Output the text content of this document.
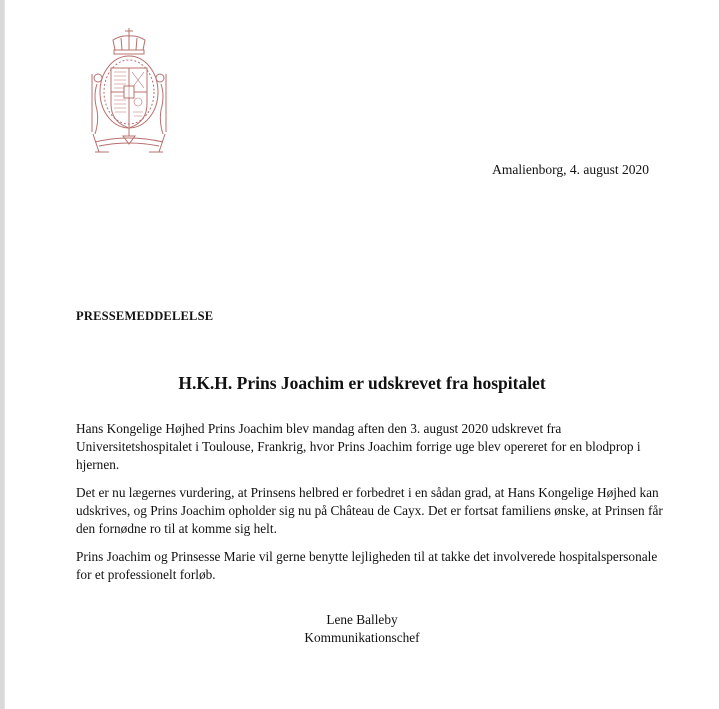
Amalienborg, 4. august 2020
PRESSEMEDDELELSE
H.K.H. Prins Joachim er udskrevet fra hospitalet
Hans Kongelige Højhed Prins Joachim blev mandag aften den 3. august 2020 udskrevet fra Universitetshospitalet i Toulouse, Frankrig, hvor Prins Joachim forrige uge blev opereret for en blodprop i hjernen.
Det er nu lægernes vurdering, at Prinsens helbred er forbedret i en sådan grad, at Hans Kongelige Højhed kan udskrives, og Prins Joachim opholder sig nu på Château de Cayx. Det er fortsat familiens ønske, at Prinsen får den fornødne ro til at komme sig helt.
Prins Joachim og Prinsesse Marie vil gerne benytte lejligheden til at takke det involverede hospitalspersonale for et professionelt forløb.
Lene Balleby
Kommunikationschef
